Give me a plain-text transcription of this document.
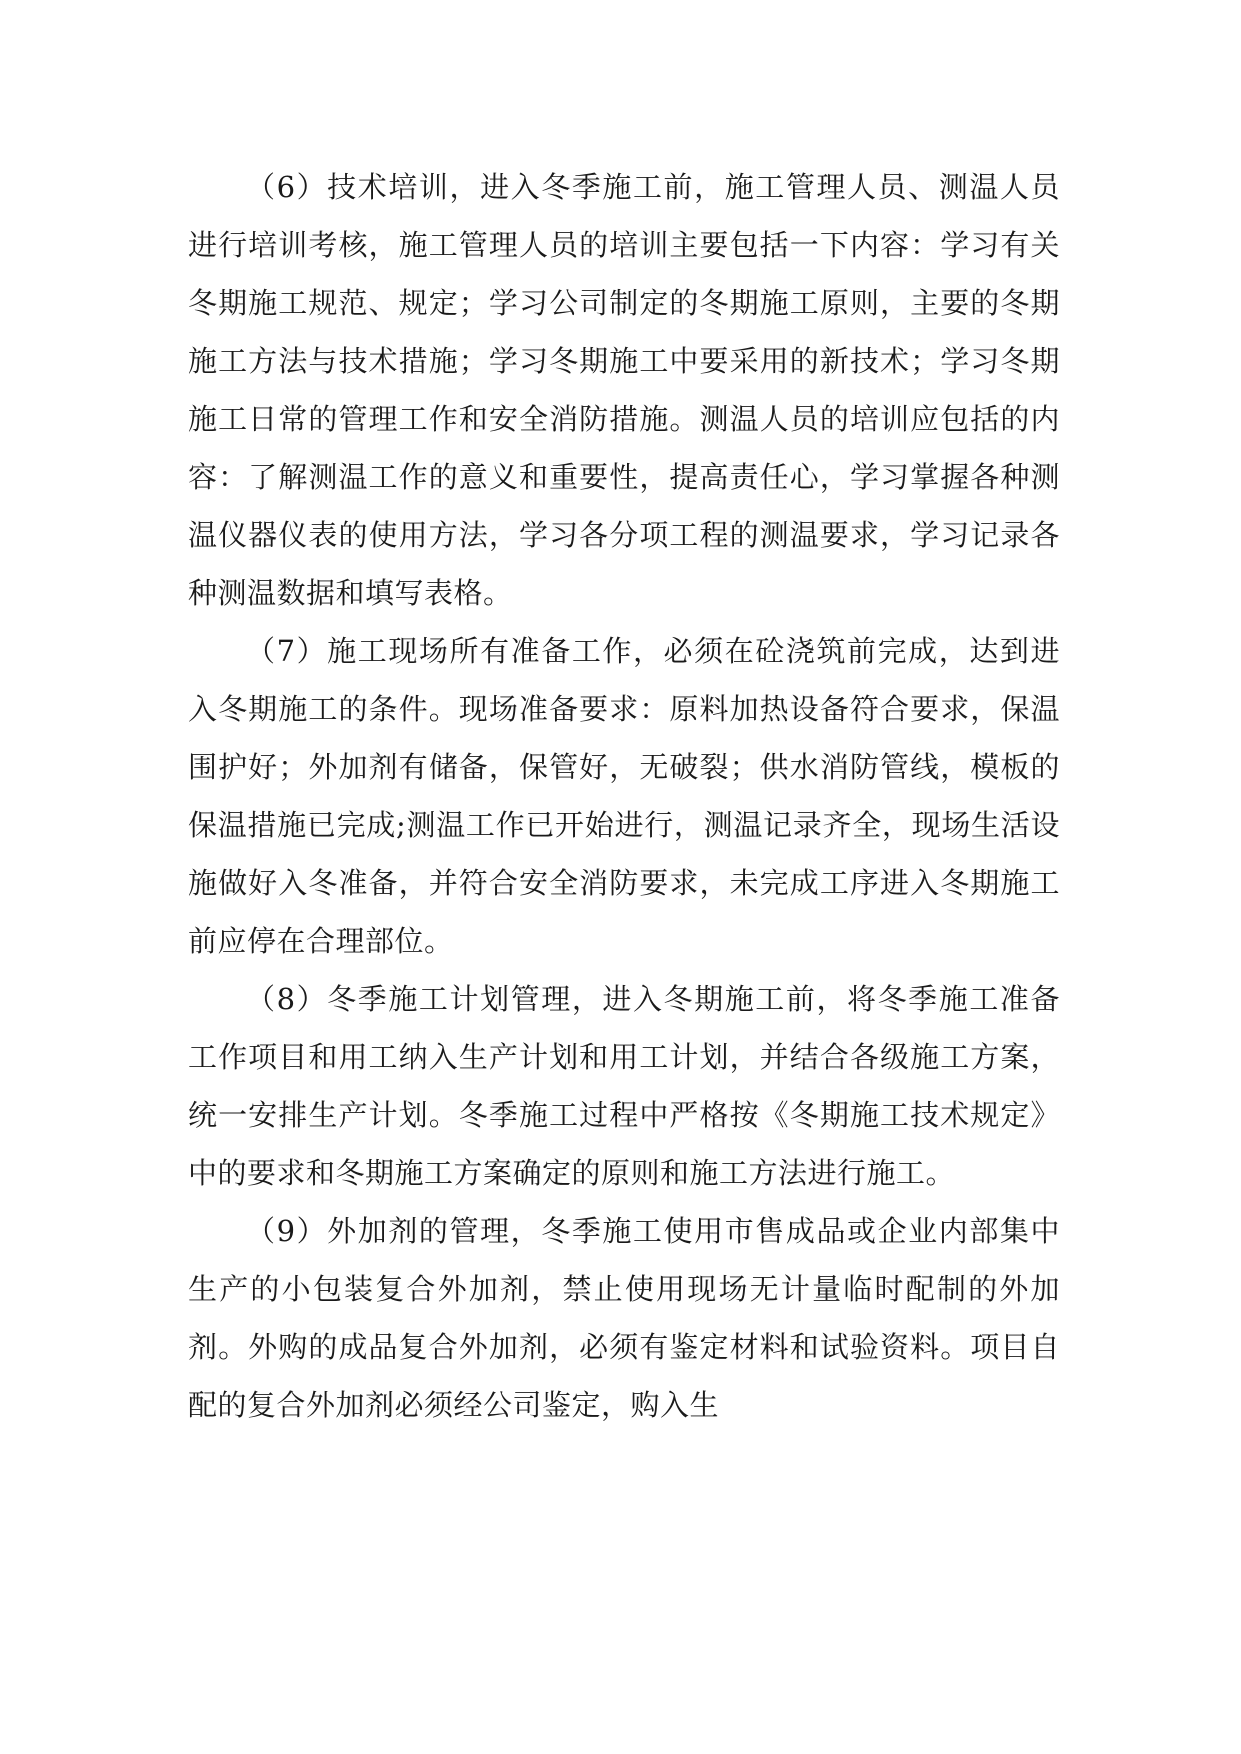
（6）技术培训，进入冬季施工前，施工管理人员、测温人员进行培训考核，施工管理人员的培训主要包括一下内容：学习有关冬期施工规范、规定；学习公司制定的冬期施工原则，主要的冬期施工方法与技术措施；学习冬期施工中要采用的新技术；学习冬期施工日常的管理工作和安全消防措施。测温人员的培训应包括的内容：了解测温工作的意义和重要性，提高责任心，学习掌握各种测温仪器仪表的使用方法，学习各分项工程的测温要求，学习记录各种测温数据和填写表格。

（7）施工现场所有准备工作，必须在砼浇筑前完成，达到进入冬期施工的条件。现场准备要求：原料加热设备符合要求，保温围护好；外加剂有储备，保管好，无破裂；供水消防管线，模板的保温措施已完成;测温工作已开始进行，测温记录齐全，现场生活设施做好入冬准备，并符合安全消防要求，未完成工序进入冬期施工前应停在合理部位。

（8）冬季施工计划管理，进入冬期施工前，将冬季施工准备工作项目和用工纳入生产计划和用工计划，并结合各级施工方案，统一安排生产计划。冬季施工过程中严格按《冬期施工技术规定》中的要求和冬期施工方案确定的原则和施工方法进行施工。

（9）外加剂的管理，冬季施工使用市售成品或企业内部集中生产的小包装复合外加剂，禁止使用现场无计量临时配制的外加剂。外购的成品复合外加剂，必须有鉴定材料和试验资料。项目自配的复合外加剂必须经公司鉴定，购入生
